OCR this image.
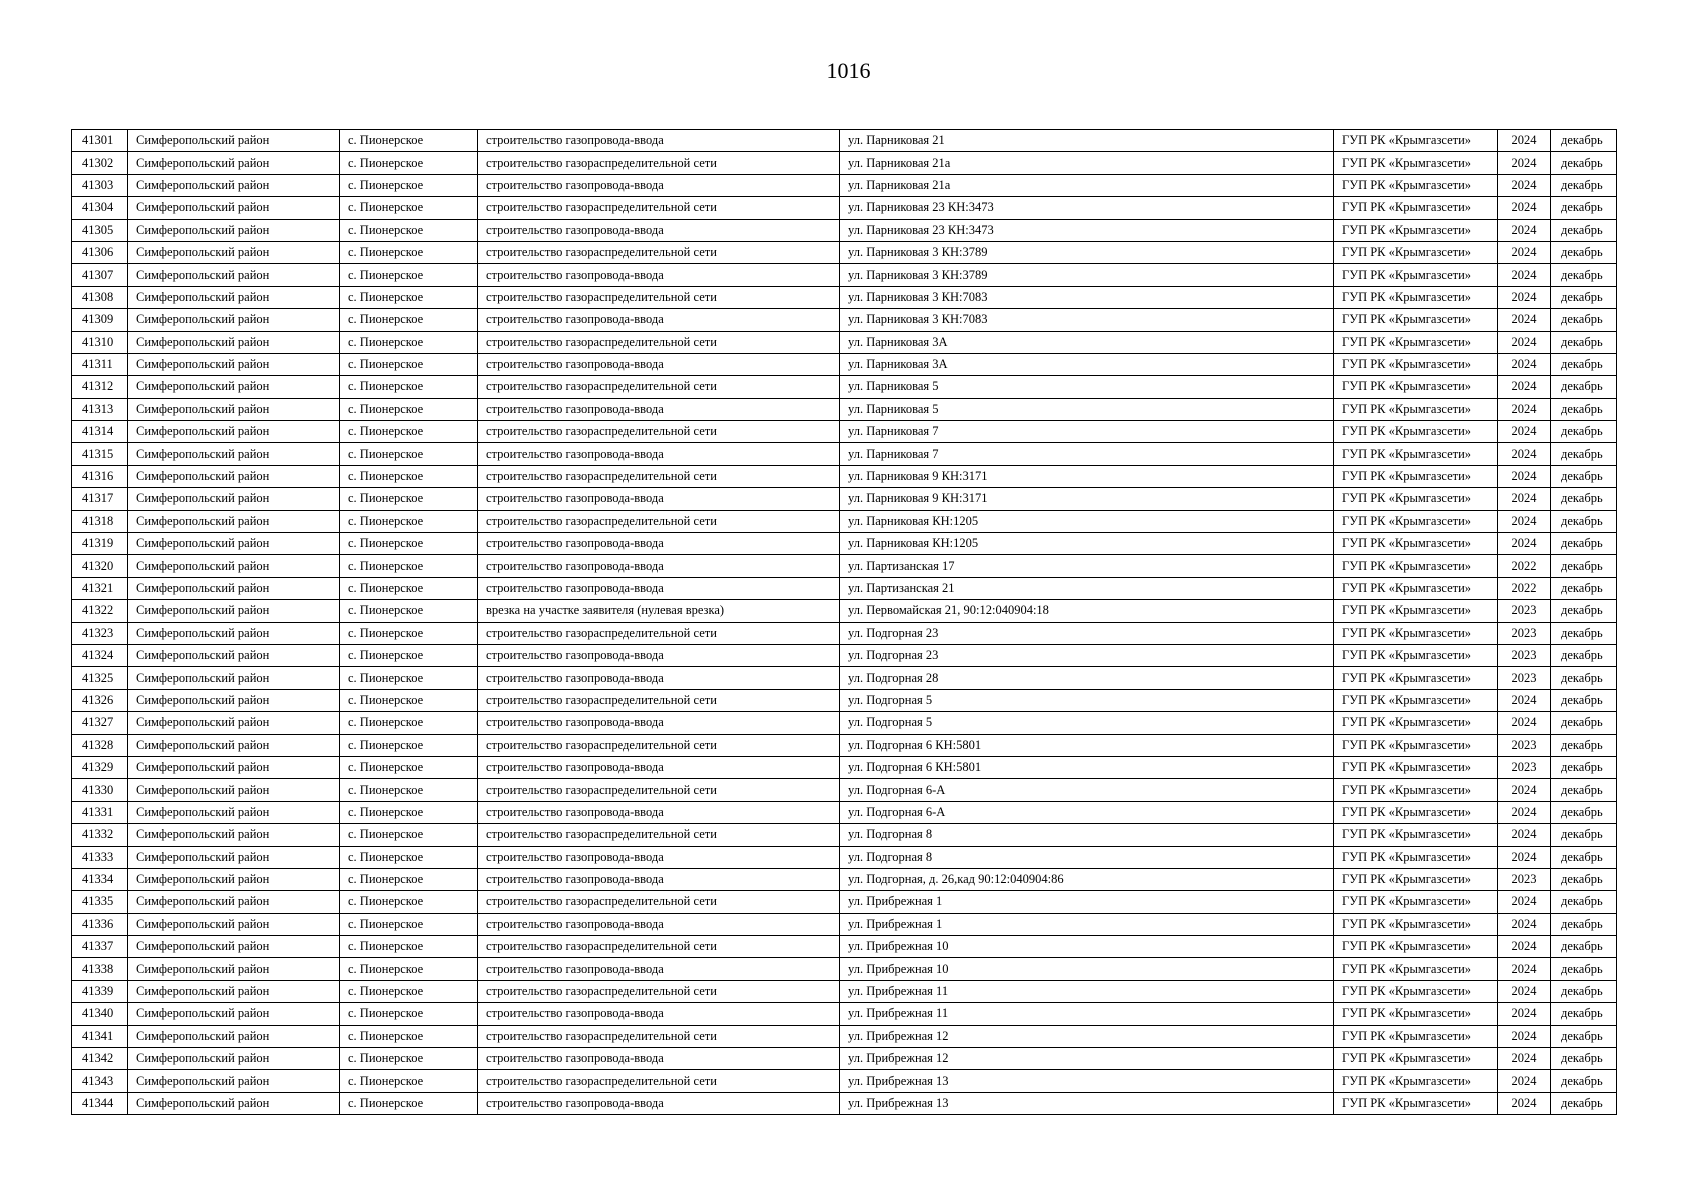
1016
41301	Симферопольский район	с. Пионерское	строительство газопровода-ввода	ул. Парниковая 21	ГУП РК «Крымгазсети»	2024	декабрь
41302	Симферопольский район	с. Пионерское	строительство газораспределительной сети	ул. Парниковая 21а	ГУП РК «Крымгазсети»	2024	декабрь
41303	Симферопольский район	с. Пионерское	строительство газопровода-ввода	ул. Парниковая 21а	ГУП РК «Крымгазсети»	2024	декабрь
41304	Симферопольский район	с. Пионерское	строительство газораспределительной сети	ул. Парниковая 23 КН:3473	ГУП РК «Крымгазсети»	2024	декабрь
41305	Симферопольский район	с. Пионерское	строительство газопровода-ввода	ул. Парниковая 23 КН:3473	ГУП РК «Крымгазсети»	2024	декабрь
41306	Симферопольский район	с. Пионерское	строительство газораспределительной сети	ул. Парниковая 3 КН:3789	ГУП РК «Крымгазсети»	2024	декабрь
41307	Симферопольский район	с. Пионерское	строительство газопровода-ввода	ул. Парниковая 3 КН:3789	ГУП РК «Крымгазсети»	2024	декабрь
41308	Симферопольский район	с. Пионерское	строительство газораспределительной сети	ул. Парниковая 3 КН:7083	ГУП РК «Крымгазсети»	2024	декабрь
41309	Симферопольский район	с. Пионерское	строительство газопровода-ввода	ул. Парниковая 3 КН:7083	ГУП РК «Крымгазсети»	2024	декабрь
41310	Симферопольский район	с. Пионерское	строительство газораспределительной сети	ул. Парниковая 3А	ГУП РК «Крымгазсети»	2024	декабрь
41311	Симферопольский район	с. Пионерское	строительство газопровода-ввода	ул. Парниковая 3А	ГУП РК «Крымгазсети»	2024	декабрь
41312	Симферопольский район	с. Пионерское	строительство газораспределительной сети	ул. Парниковая 5	ГУП РК «Крымгазсети»	2024	декабрь
41313	Симферопольский район	с. Пионерское	строительство газопровода-ввода	ул. Парниковая 5	ГУП РК «Крымгазсети»	2024	декабрь
41314	Симферопольский район	с. Пионерское	строительство газораспределительной сети	ул. Парниковая 7	ГУП РК «Крымгазсети»	2024	декабрь
41315	Симферопольский район	с. Пионерское	строительство газопровода-ввода	ул. Парниковая 7	ГУП РК «Крымгазсети»	2024	декабрь
41316	Симферопольский район	с. Пионерское	строительство газораспределительной сети	ул. Парниковая 9 КН:3171	ГУП РК «Крымгазсети»	2024	декабрь
41317	Симферопольский район	с. Пионерское	строительство газопровода-ввода	ул. Парниковая 9 КН:3171	ГУП РК «Крымгазсети»	2024	декабрь
41318	Симферопольский район	с. Пионерское	строительство газораспределительной сети	ул. Парниковая КН:1205	ГУП РК «Крымгазсети»	2024	декабрь
41319	Симферопольский район	с. Пионерское	строительство газопровода-ввода	ул. Парниковая КН:1205	ГУП РК «Крымгазсети»	2024	декабрь
41320	Симферопольский район	с. Пионерское	строительство газопровода-ввода	ул. Партизанская 17	ГУП РК «Крымгазсети»	2022	декабрь
41321	Симферопольский район	с. Пионерское	строительство газопровода-ввода	ул. Партизанская 21	ГУП РК «Крымгазсети»	2022	декабрь
41322	Симферопольский район	с. Пионерское	врезка на участке заявителя (нулевая врезка)	ул. Первомайская 21, 90:12:040904:18	ГУП РК «Крымгазсети»	2023	декабрь
41323	Симферопольский район	с. Пионерское	строительство газораспределительной сети	ул. Подгорная 23	ГУП РК «Крымгазсети»	2023	декабрь
41324	Симферопольский район	с. Пионерское	строительство газопровода-ввода	ул. Подгорная 23	ГУП РК «Крымгазсети»	2023	декабрь
41325	Симферопольский район	с. Пионерское	строительство газопровода-ввода	ул. Подгорная 28	ГУП РК «Крымгазсети»	2023	декабрь
41326	Симферопольский район	с. Пионерское	строительство газораспределительной сети	ул. Подгорная 5	ГУП РК «Крымгазсети»	2024	декабрь
41327	Симферопольский район	с. Пионерское	строительство газопровода-ввода	ул. Подгорная 5	ГУП РК «Крымгазсети»	2024	декабрь
41328	Симферопольский район	с. Пионерское	строительство газораспределительной сети	ул. Подгорная 6 КН:5801	ГУП РК «Крымгазсети»	2023	декабрь
41329	Симферопольский район	с. Пионерское	строительство газопровода-ввода	ул. Подгорная 6 КН:5801	ГУП РК «Крымгазсети»	2023	декабрь
41330	Симферопольский район	с. Пионерское	строительство газораспределительной сети	ул. Подгорная 6-А	ГУП РК «Крымгазсети»	2024	декабрь
41331	Симферопольский район	с. Пионерское	строительство газопровода-ввода	ул. Подгорная 6-А	ГУП РК «Крымгазсети»	2024	декабрь
41332	Симферопольский район	с. Пионерское	строительство газораспределительной сети	ул. Подгорная 8	ГУП РК «Крымгазсети»	2024	декабрь
41333	Симферопольский район	с. Пионерское	строительство газопровода-ввода	ул. Подгорная 8	ГУП РК «Крымгазсети»	2024	декабрь
41334	Симферопольский район	с. Пионерское	строительство газопровода-ввода	ул. Подгорная, д. 26,кад 90:12:040904:86	ГУП РК «Крымгазсети»	2023	декабрь
41335	Симферопольский район	с. Пионерское	строительство газораспределительной сети	ул. Прибрежная 1	ГУП РК «Крымгазсети»	2024	декабрь
41336	Симферопольский район	с. Пионерское	строительство газопровода-ввода	ул. Прибрежная 1	ГУП РК «Крымгазсети»	2024	декабрь
41337	Симферопольский район	с. Пионерское	строительство газораспределительной сети	ул. Прибрежная 10	ГУП РК «Крымгазсети»	2024	декабрь
41338	Симферопольский район	с. Пионерское	строительство газопровода-ввода	ул. Прибрежная 10	ГУП РК «Крымгазсети»	2024	декабрь
41339	Симферопольский район	с. Пионерское	строительство газораспределительной сети	ул. Прибрежная 11	ГУП РК «Крымгазсети»	2024	декабрь
41340	Симферопольский район	с. Пионерское	строительство газопровода-ввода	ул. Прибрежная 11	ГУП РК «Крымгазсети»	2024	декабрь
41341	Симферопольский район	с. Пионерское	строительство газораспределительной сети	ул. Прибрежная 12	ГУП РК «Крымгазсети»	2024	декабрь
41342	Симферопольский район	с. Пионерское	строительство газопровода-ввода	ул. Прибрежная 12	ГУП РК «Крымгазсети»	2024	декабрь
41343	Симферопольский район	с. Пионерское	строительство газораспределительной сети	ул. Прибрежная 13	ГУП РК «Крымгазсети»	2024	декабрь
41344	Симферопольский район	с. Пионерское	строительство газопровода-ввода	ул. Прибрежная 13	ГУП РК «Крымгазсети»	2024	декабрь
